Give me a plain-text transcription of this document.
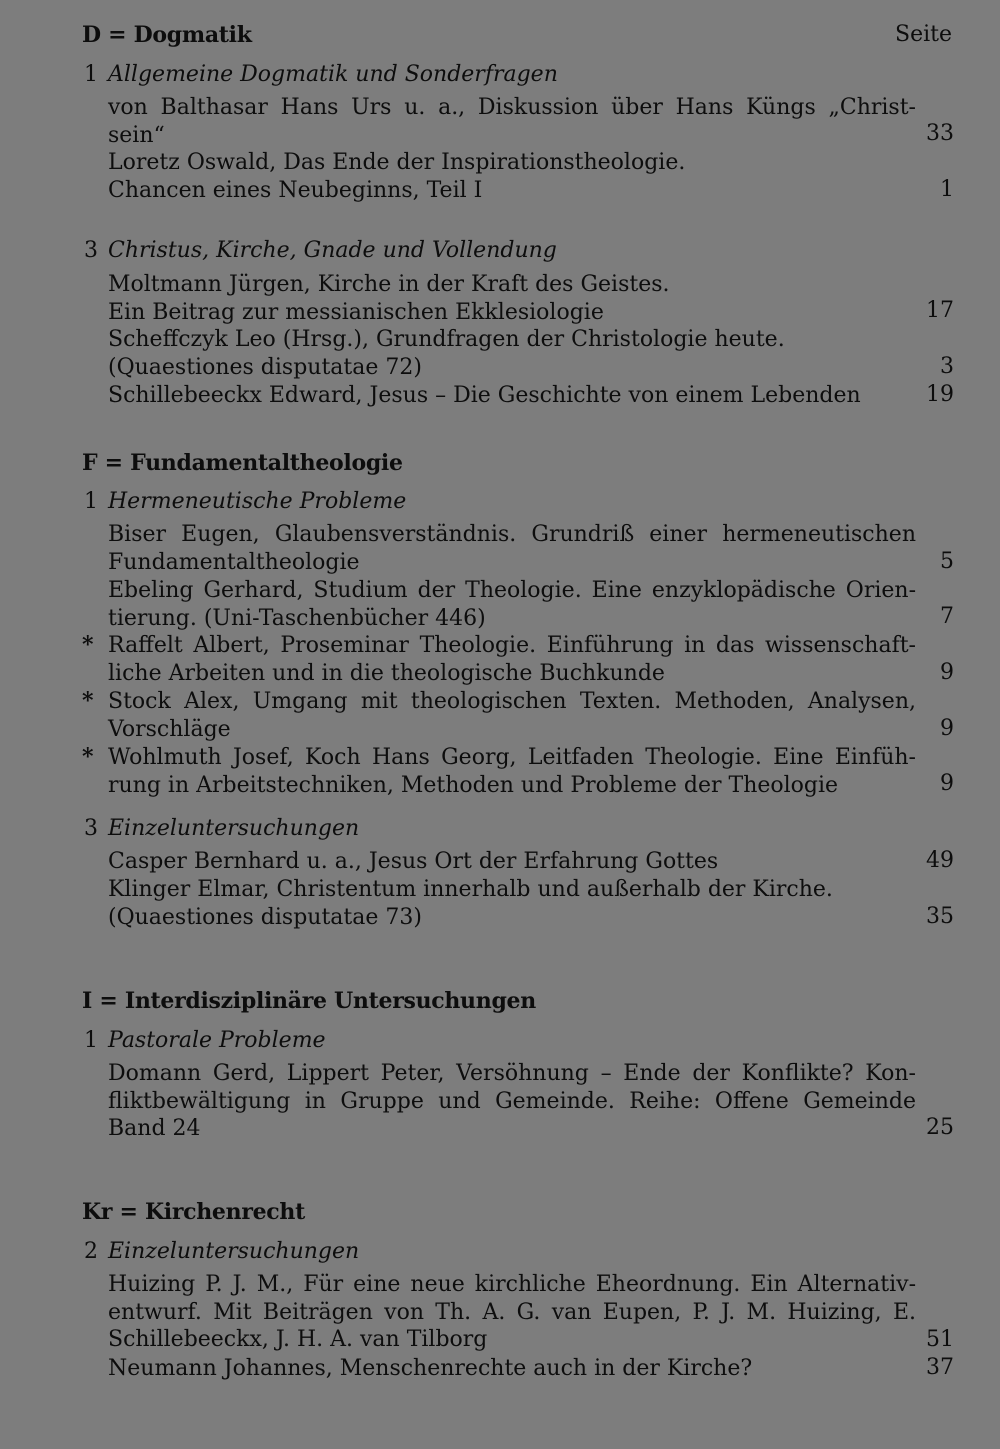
Seite
D = Dogmatik
1 Allgemeine Dogmatik und Sonderfragen
von Balthasar Hans Urs u. a., Diskussion über Hans Küngs „Christ-
sein“	33
Loretz Oswald, Das Ende der Inspirationstheologie.
Chancen eines Neubeginns, Teil I	1
3 Christus, Kirche, Gnade und Vollendung
Moltmann Jürgen, Kirche in der Kraft des Geistes.
Ein Beitrag zur messianischen Ekklesiologie	17
Scheffczyk Leo (Hrsg.), Grundfragen der Christologie heute.
(Quaestiones disputatae 72)	3
Schillebeeckx Edward, Jesus – Die Geschichte von einem Lebenden	19
F = Fundamentaltheologie
1 Hermeneutische Probleme
Biser Eugen, Glaubensverständnis. Grundriß einer hermeneutischen
Fundamentaltheologie	5
Ebeling Gerhard, Studium der Theologie. Eine enzyklopädische Orien-
tierung. (Uni-Taschenbücher 446)	7
* Raffelt Albert, Proseminar Theologie. Einführung in das wissenschaft-
liche Arbeiten und in die theologische Buchkunde	9
* Stock Alex, Umgang mit theologischen Texten. Methoden, Analysen,
Vorschläge	9
* Wohlmuth Josef, Koch Hans Georg, Leitfaden Theologie. Eine Einfüh-
rung in Arbeitstechniken, Methoden und Probleme der Theologie	9
3 Einzeluntersuchungen
Casper Bernhard u. a., Jesus Ort der Erfahrung Gottes	49
Klinger Elmar, Christentum innerhalb und außerhalb der Kirche.
(Quaestiones disputatae 73)	35
I = Interdisziplinäre Untersuchungen
1 Pastorale Probleme
Domann Gerd, Lippert Peter, Versöhnung – Ende der Konflikte? Kon-
fliktbewältigung in Gruppe und Gemeinde. Reihe: Offene Gemeinde
Band 24	25
Kr = Kirchenrecht
2 Einzeluntersuchungen
Huizing P. J. M., Für eine neue kirchliche Eheordnung. Ein Alternativ-
entwurf. Mit Beiträgen von Th. A. G. van Eupen, P. J. M. Huizing, E.
Schillebeeckx, J. H. A. van Tilborg	51
Neumann Johannes, Menschenrechte auch in der Kirche?	37
